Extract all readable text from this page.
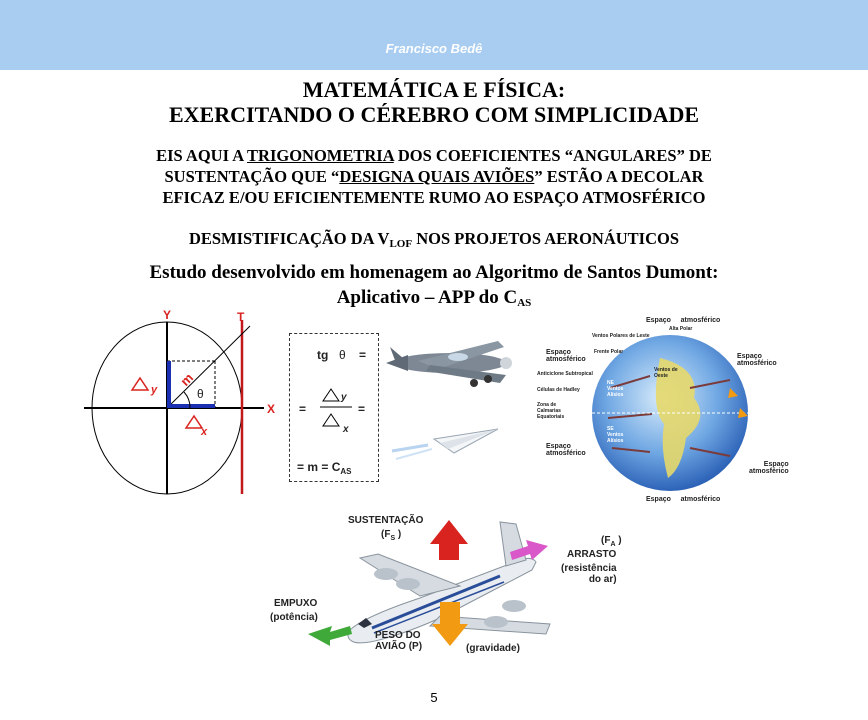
Francisco Bedê
MATEMÁTICA E FÍSICA:
EXERCITANDO O CÉREBRO COM SIMPLICIDADE
EIS AQUI A TRIGONOMETRIA DOS COEFICIENTES “ANGULARES” DE
SUSTENTAÇÃO QUE “DESIGNA QUAIS AVIÕES” ESTÃO A DECOLAR
EFICAZ E/OU EFICIENTEMENTE RUMO AO ESPAÇO ATMOSFÉRICO
DESMISTIFICAÇÃO DA $V_{LOF}$ NOS PROJETOS AERONÁUTICOS
Estudo desenvolvido em homenagem ao Algoritmo de Santos Dumont:
Aplicativo – APP do $C_{AS}$
Y	T
X
m
θ
y
x
tg θ =
=	=
y
x
= $m = C_{AS}$
Espaço     atmosférico
Ventos Polares de Leste
Alta Polar
Espaço
atmosférico
Frente Polar
Anticiclone Subtropical
Células de Hadley
Zona de
Calmarias
Equatoriais
Ventos de
Oeste
NE
Ventos
Alísios
SE
Ventos
Alísios
Espaço
atmosférico
Espaço
atmosférico
Espaço
atmosférico
Espaço     atmosférico
SUSTENTAÇÃO
($F_S$ )
($F_A$ )
ARRASTO
(resistência
do ar)
EMPUXO
(potência)
PESO DO
AVIÃO (P)	(gravidade)
5
